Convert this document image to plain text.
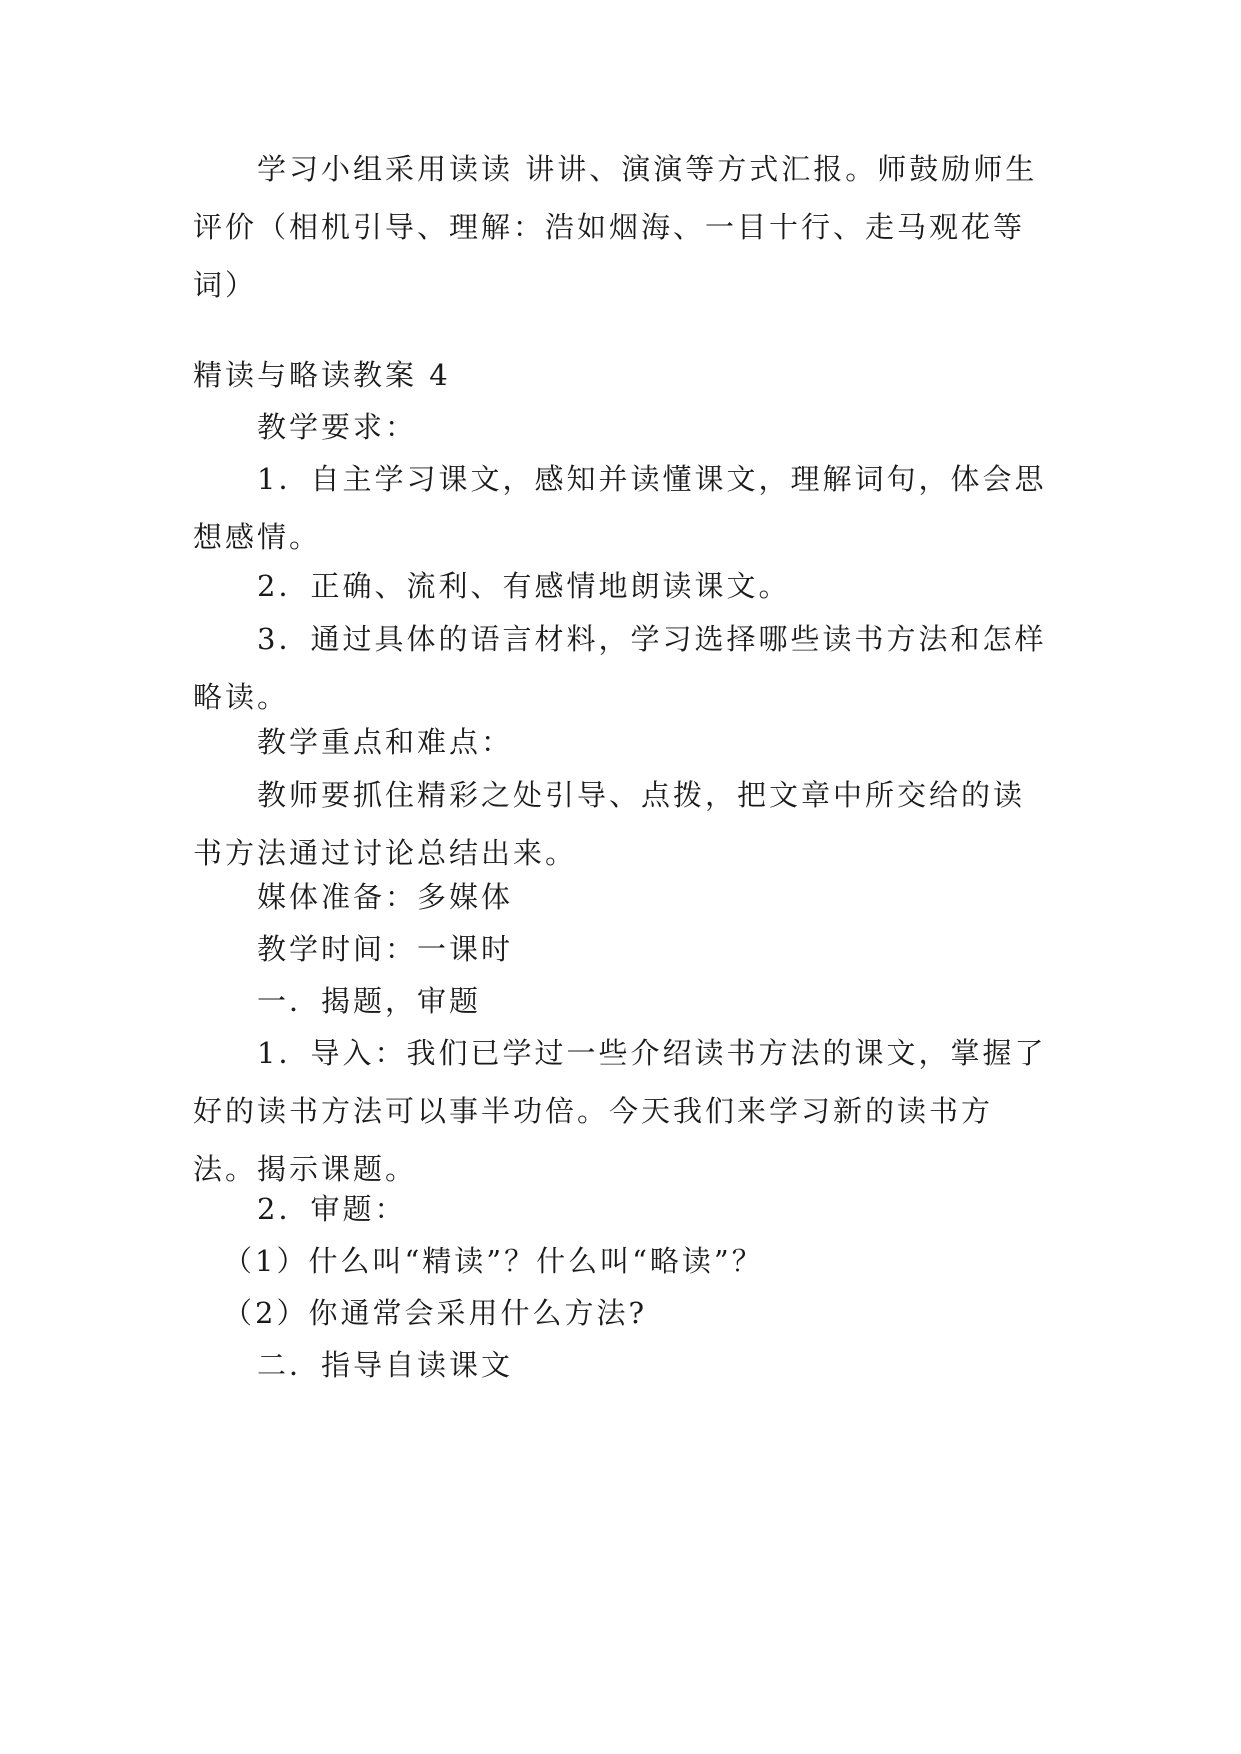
学习小组采用读读 讲讲、演演等方式汇报。师鼓励师生评价（相机引导、理解：浩如烟海、一目十行、走马观花等词）

精读与略读教案 4

教学要求：

1．自主学习课文，感知并读懂课文，理解词句，体会思想感情。

2．正确、流利、有感情地朗读课文。

3．通过具体的语言材料，学习选择哪些读书方法和怎样略读。

教学重点和难点：

教师要抓住精彩之处引导、点拨，把文章中所交给的读书方法通过讨论总结出来。

媒体准备：多媒体

教学时间：一课时

一．揭题，审题

1．导入：我们已学过一些介绍读书方法的课文，掌握了好的读书方法可以事半功倍。今天我们来学习新的读书方法。揭示课题。

2．审题：

（1）什么叫“精读”？什么叫“略读”？

（2）你通常会采用什么方法?

二．指导自读课文
